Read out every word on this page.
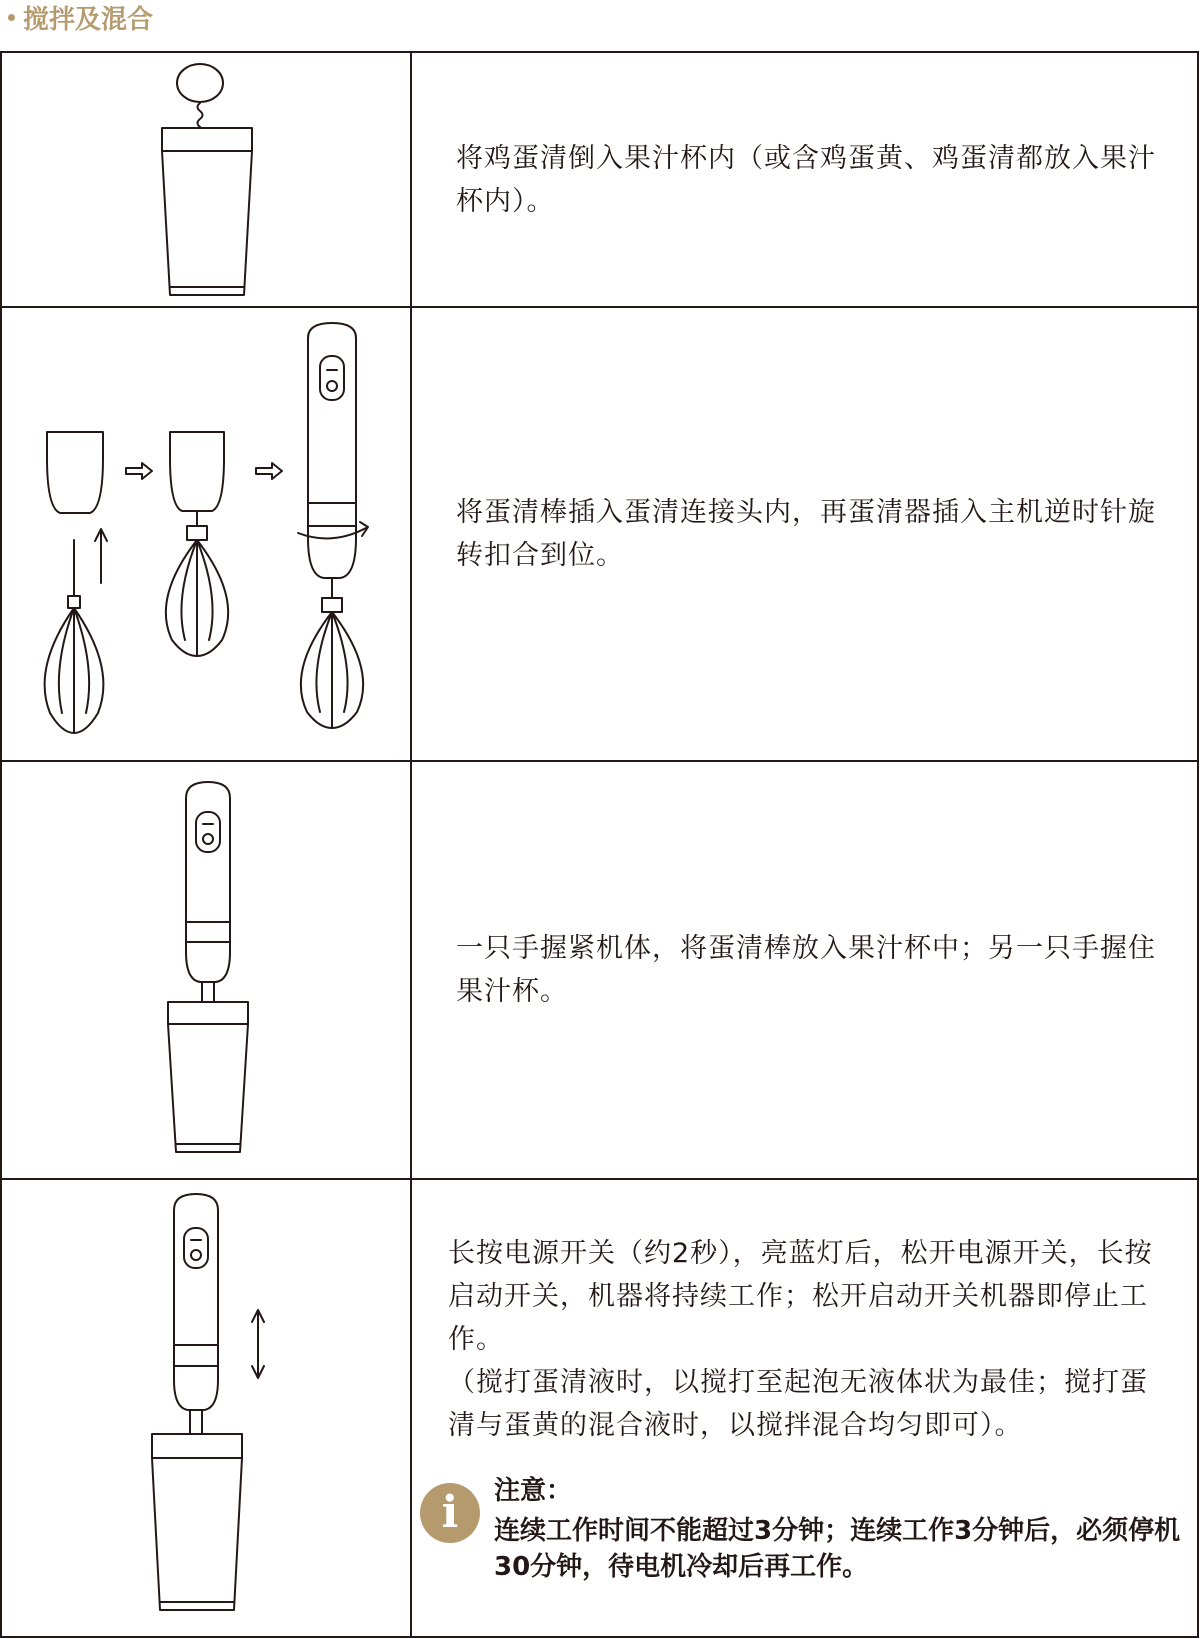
搅拌及混合

将鸡蛋清倒入果汁杯内（或含鸡蛋黄、鸡蛋清都放入果汁杯内）。

将蛋清棒插入蛋清连接头内，再蛋清器插入主机逆时针旋转扣合到位。

一只手握紧机体，将蛋清棒放入果汁杯中；另一只手握住果汁杯。

长按电源开关（约2秒），亮蓝灯后，松开电源开关，长按启动开关，机器将持续工作；松开启动开关机器即停止工作。
（搅打蛋清液时，以搅打至起泡无液体状为最佳；搅打蛋清与蛋黄的混合液时，以搅拌混合均匀即可）。
i 注意：
连续工作时间不能超过3分钟；连续工作3分钟后，必须停机30分钟，待电机冷却后再工作。
